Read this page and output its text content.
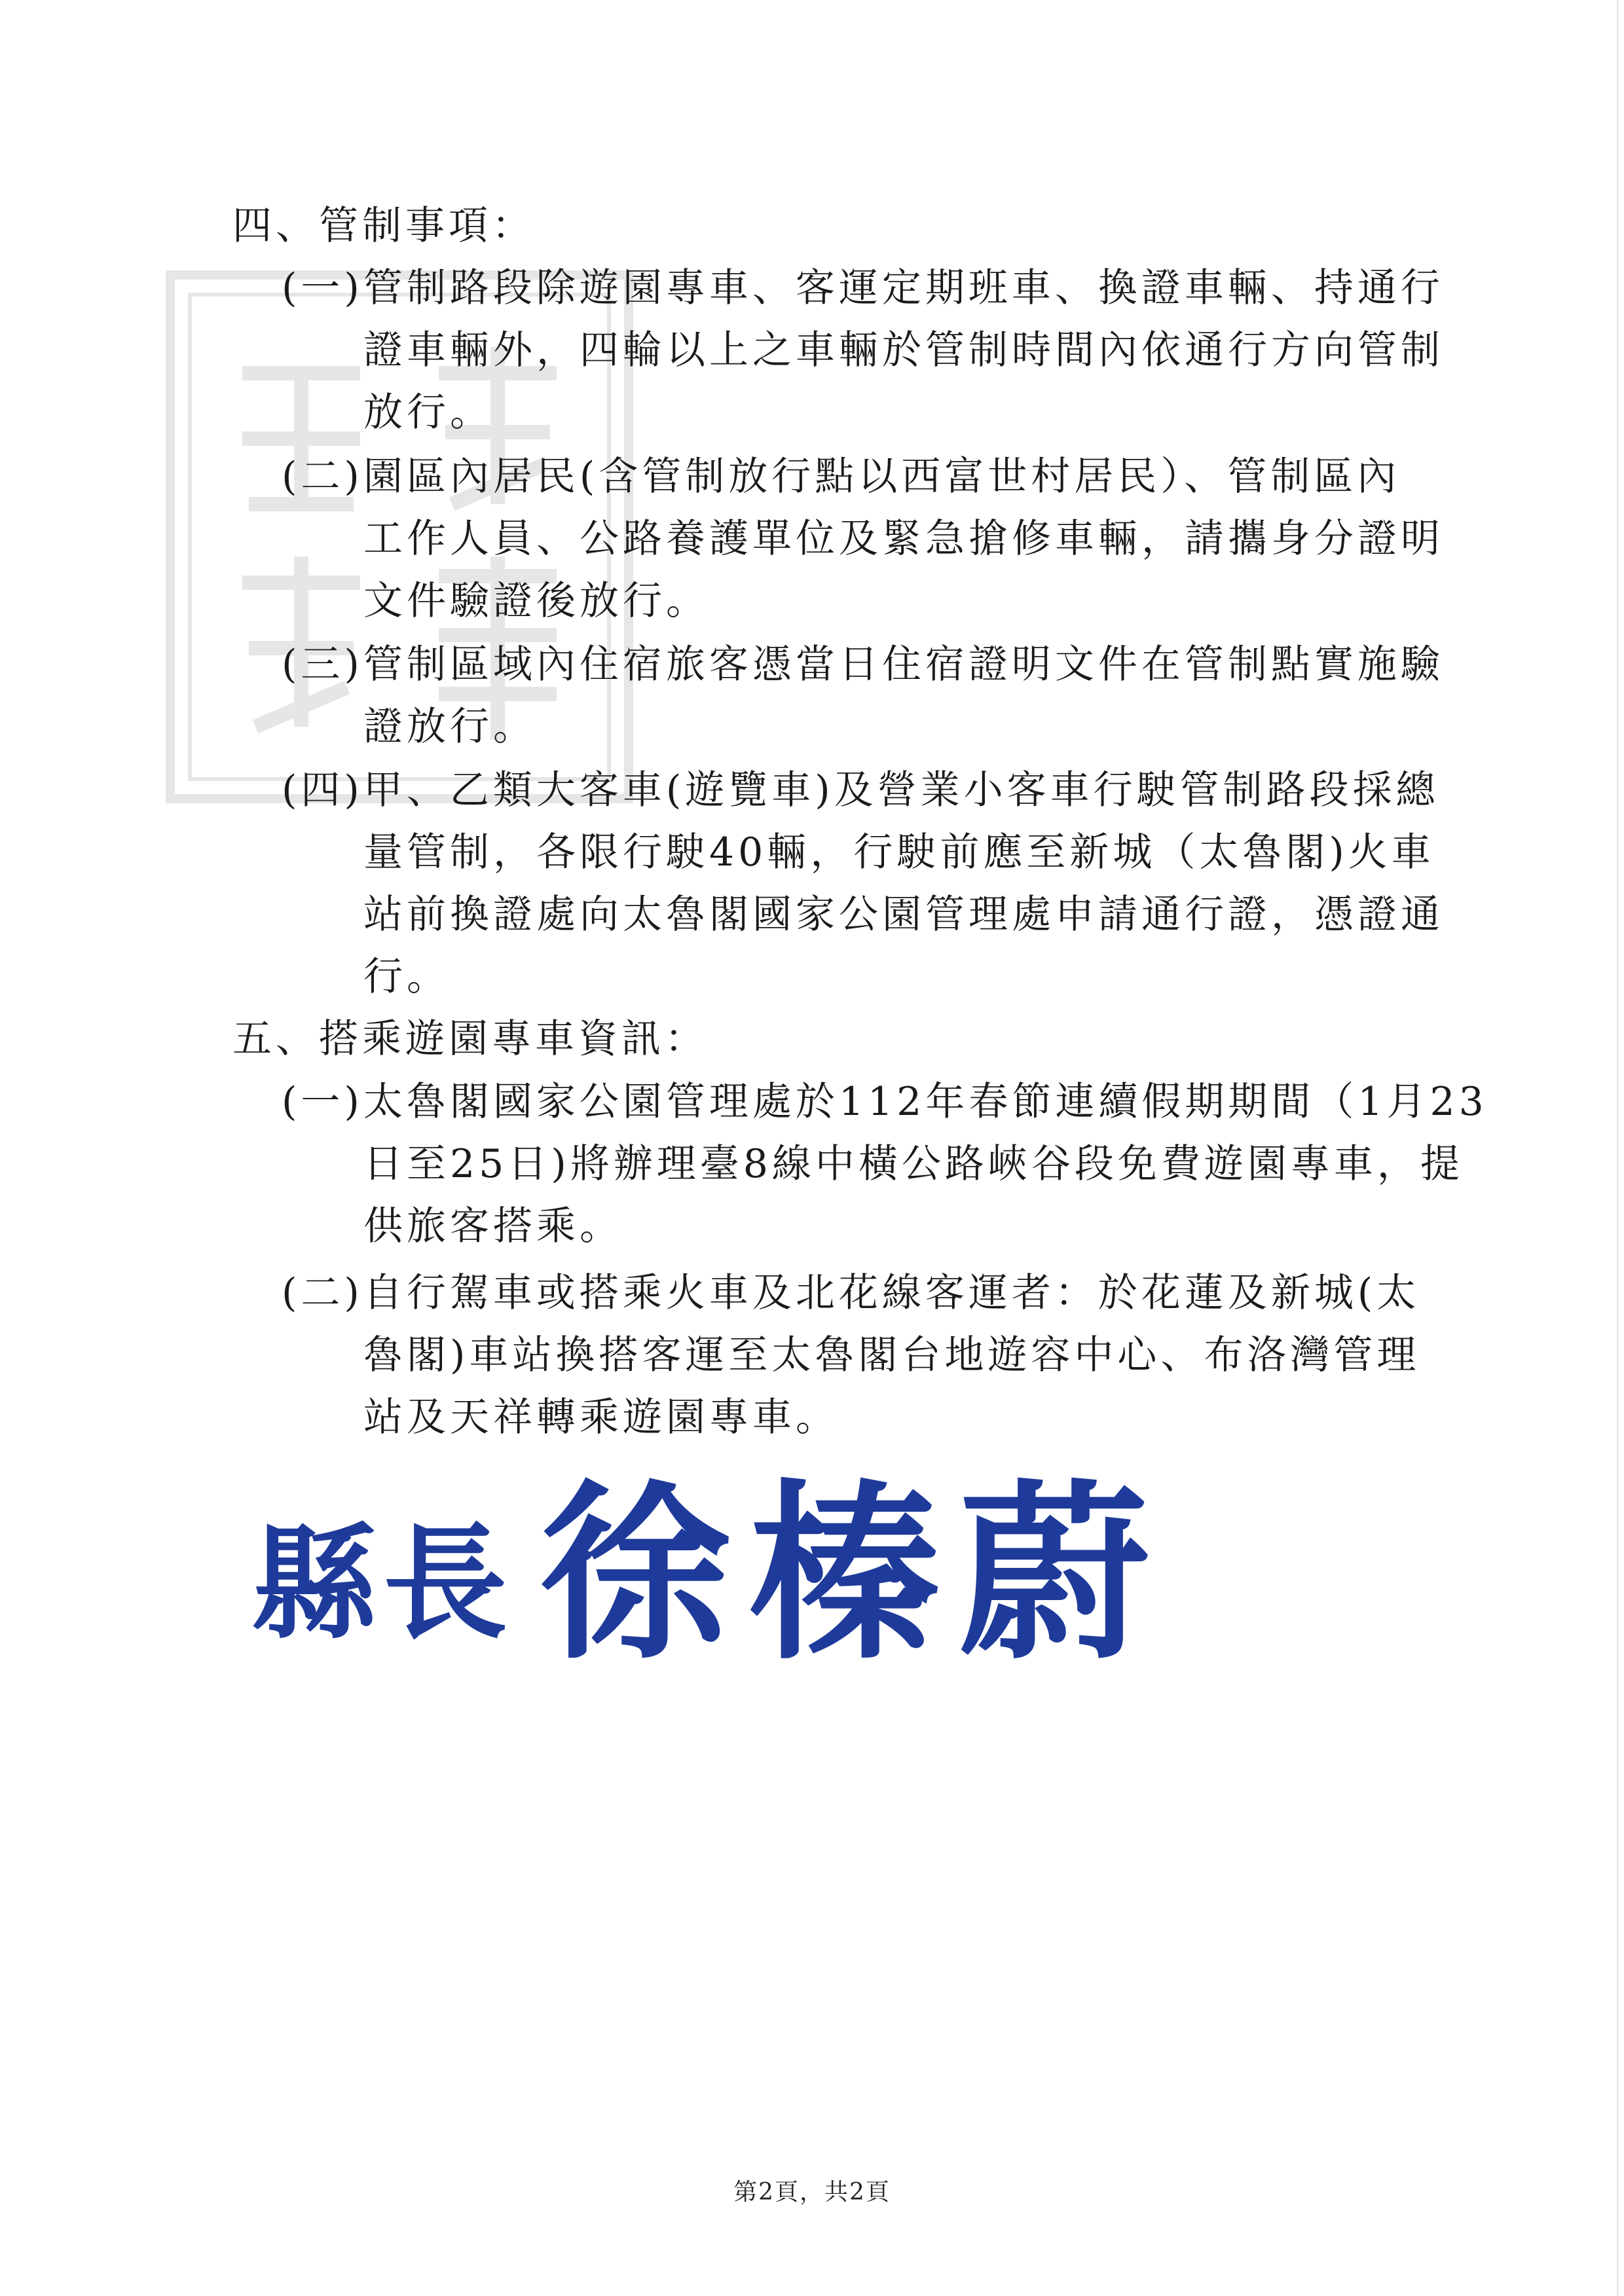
四、管制事項：
(一)管制路段除遊園專車、客運定期班車、換證車輛、持通行
證車輛外，四輪以上之車輛於管制時間內依通行方向管制
放行。
(二)園區內居民(含管制放行點以西富世村居民）、管制區內
工作人員、公路養護單位及緊急搶修車輛，請攜身分證明
文件驗證後放行。
(三)管制區域內住宿旅客憑當日住宿證明文件在管制點實施驗
證放行。
(四)甲、乙類大客車(遊覽車)及營業小客車行駛管制路段採總
量管制，各限行駛40輛，行駛前應至新城（太魯閣)火車
站前換證處向太魯閣國家公園管理處申請通行證，憑證通
行。
五、搭乘遊園專車資訊：
(一)太魯閣國家公園管理處於112年春節連續假期期間（1月23
日至25日)將辦理臺8線中橫公路峽谷段免費遊園專車，提
供旅客搭乘。
(二)自行駕車或搭乘火車及北花線客運者：於花蓮及新城(太
魯閣)車站換搭客運至太魯閣台地遊容中心、布洛灣管理
站及天祥轉乘遊園專車。
縣長 徐榛蔚
第2頁，共2頁
